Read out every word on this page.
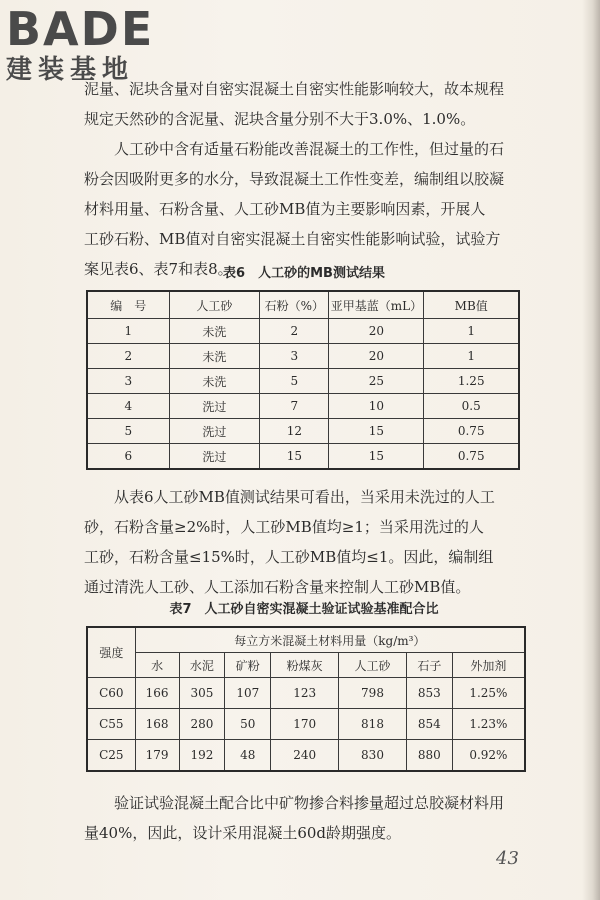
BADE
建装基地
泥量、泥块含量对自密实混凝土自密实性能影响较大，故本规程
规定天然砂的含泥量、泥块含量分别不大于3.0%、1.0%。
　　人工砂中含有适量石粉能改善混凝土的工作性，但过量的石
粉会因吸附更多的水分，导致混凝土工作性变差，编制组以胶凝
材料用量、石粉含量、人工砂MB值为主要影响因素，开展人
工砂石粉、MB值对自密实混凝土自密实性能影响试验，试验方
案见表6、表7和表8。
表6　人工砂的MB测试结果
编　号	人工砂	石粉（%）	亚甲基蓝（mL）	MB值
1	未洗	2	20	1
2	未洗	3	20	1
3	未洗	5	25	1.25
4	洗过	7	10	0.5
5	洗过	12	15	0.75
6	洗过	15	15	0.75
　　从表6人工砂MB值测试结果可看出，当采用未洗过的人工
砂，石粉含量≥2%时，人工砂MB值均≥1；当采用洗过的人
工砂，石粉含量≤15%时，人工砂MB值均≤1。因此，编制组
通过清洗人工砂、人工添加石粉含量来控制人工砂MB值。
表7　人工砂自密实混凝土验证试验基准配合比
强度	每立方米混凝土材料用量（kg/m³）						
	水	水泥	矿粉	粉煤灰	人工砂	石子	外加剂
C60	166	305	107	123	798	853	1.25%
C55	168	280	50	170	818	854	1.23%
C25	179	192	48	240	830	880	0.92%
　　验证试验混凝土配合比中矿物掺合料掺量超过总胶凝材料用
量40%，因此，设计采用混凝土60d龄期强度。
43
